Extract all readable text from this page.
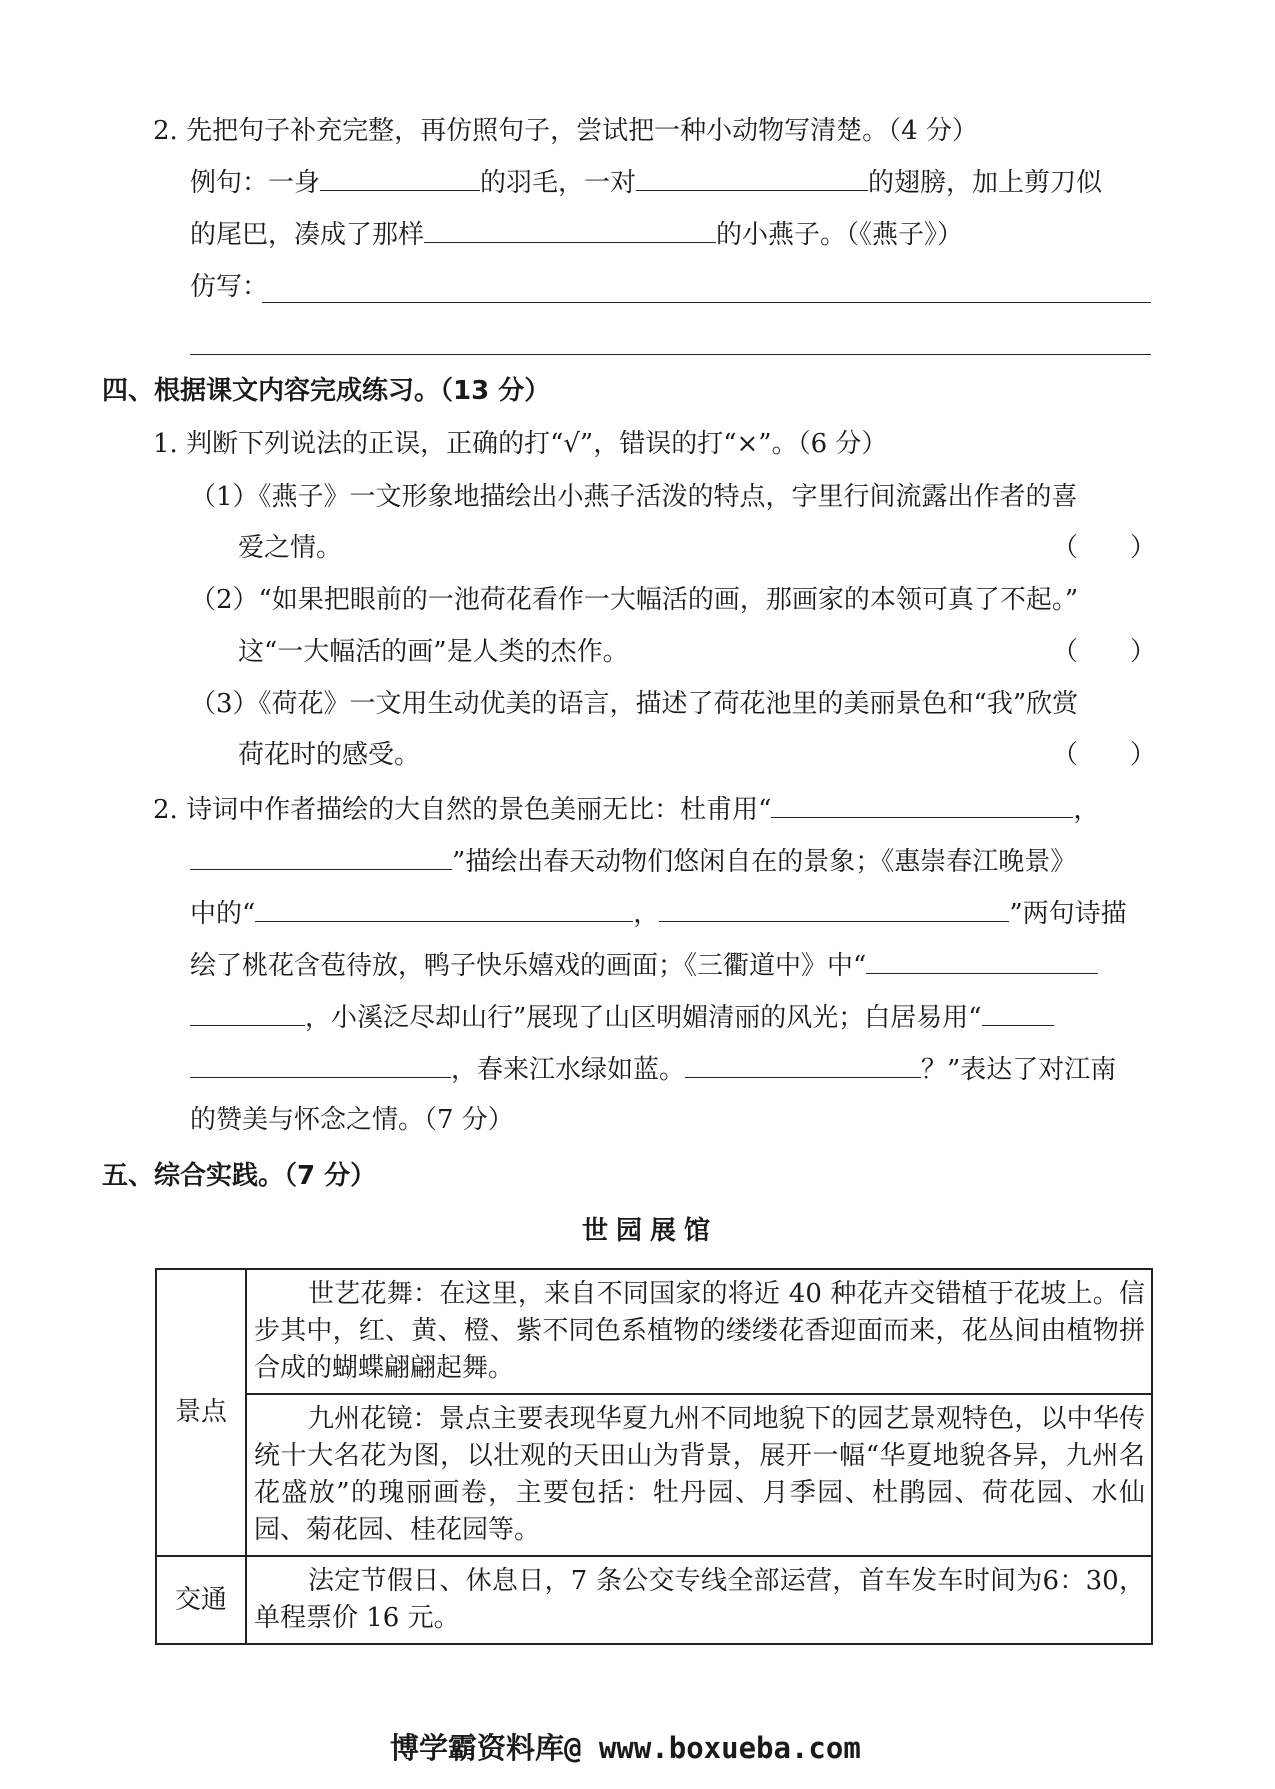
2. 先把句子补充完整，再仿照句子，尝试把一种小动物写清楚。（4 分）
例句：一身	的羽毛，一对	的翅膀，加上剪刀似
的尾巴，凑成了那样	的小燕子。（《燕子》）
仿写：
四、根据课文内容完成练习。（13 分）
1. 判断下列说法的正误，正确的打“√”，错误的打“×”。（6 分）
（1）《燕子》一文形象地描绘出小燕子活泼的特点，字里行间流露出作者的喜
爱之情。	（　　）
（2）“如果把眼前的一池荷花看作一大幅活的画，那画家的本领可真了不起。”
这“一大幅活的画”是人类的杰作。	（　　）
（3）《荷花》一文用生动优美的语言，描述了荷花池里的美丽景色和“我”欣赏
荷花时的感受。	（　　）
2. 诗词中作者描绘的大自然的景色美丽无比：杜甫用“	，
”描绘出春天动物们悠闲自在的景象；《惠崇春江晚景》
中的“	，	”两句诗描
绘了桃花含苞待放，鸭子快乐嬉戏的画面；《三衢道中》中“
，小溪泛尽却山行”展现了山区明媚清丽的风光；白居易用“
，春来江水绿如蓝。	？”表达了对江南
的赞美与怀念之情。（7 分）
五、综合实践。（7 分）
世园展馆
景点	世艺花舞：在这里，来自不同国家的将近 40 种花卉交错植于花坡上。信步其中，红、黄、橙、紫不同色系植物的缕缕花香迎面而来，花丛间由植物拼合成的蝴蝶翩翩起舞。
	九州花镜：景点主要表现华夏九州不同地貌下的园艺景观特色，以中华传统十大名花为图，以壮观的天田山为背景，展开一幅“华夏地貌各异，九州名花盛放”的瑰丽画卷，主要包括：牡丹园、月季园、杜鹃园、荷花园、水仙园、菊花园、桂花园等。
交通	法定节假日、休息日，7 条公交专线全部运营，首车发车时间为6：30，单程票价 16 元。
博学霸资料库@ www.boxueba.com
